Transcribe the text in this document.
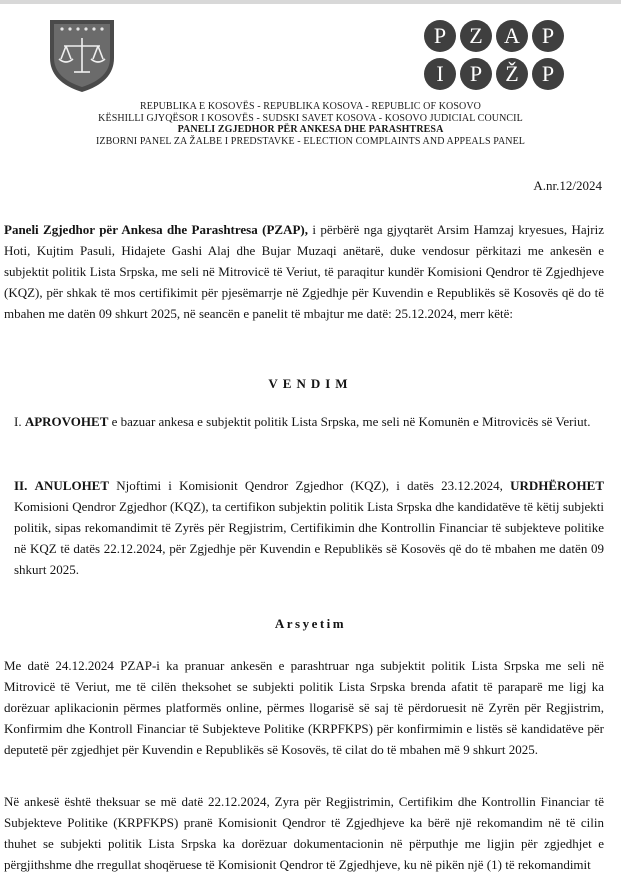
P	Z A P
I	P	Ž	P
REPUBLIKA E KOSOVËS - REPUBLIKA KOSOVA - REPUBLIC OF KOSOVO
KËSHILLI GJYQËSOR I KOSOVËS - SUDSKI SAVET KOSOVA - KOSOVO JUDICIAL COUNCIL
PANELI ZGJEDHOR PËR ANKESA DHE PARASHTRESA
IZBORNI PANEL ZA ŽALBE I PREDSTAVKE - ELECTION COMPLAINTS AND APPEALS PANEL
A.nr.12/2024
Paneli Zgjedhor për Ankesa dhe Parashtresa (PZAP), i përbërë nga gjyqtarët Arsim Hamzaj kryesues, Hajriz Hoti, Kujtim Pasuli, Hidajete Gashi Alaj dhe Bujar Muzaqi anëtarë, duke vendosur përkitazi me ankesën e subjektit politik Lista Srpska, me seli në Mitrovicë të Veriut, të paraqitur kundër Komisioni Qendror të Zgjedhjeve (KQZ), për shkak të mos certifikimit për pjesëmarrje në Zgjedhje për Kuvendin e Republikës së Kosovës që do të mbahen me datën 09 shkurt 2025, në seancën e panelit të mbajtur me datë: 25.12.2024, merr këtë:
VENDIM
I. APROVOHET e bazuar ankesa e subjektit politik Lista Srpska, me seli në Komunën e Mitrovicës së Veriut.
II. ANULOHET Njoftimi i Komisionit Qendror Zgjedhor (KQZ), i datës 23.12.2024, URDHËROHET Komisioni Qendror Zgjedhor (KQZ), ta certifikon subjektin politik Lista Srpska dhe kandidatëve të këtij subjekti politik, sipas rekomandimit të Zyrës për Regjistrim, Certifikimin dhe Kontrollin Financiar të subjekteve politike në KQZ të datës 22.12.2024, për Zgjedhje për Kuvendin e Republikës së Kosovës që do të mbahen me datën 09 shkurt 2025.
Arsyetim
Me datë 24.12.2024 PZAP-i ka pranuar ankesën e parashtruar nga subjektit politik Lista Srpska me seli në Mitrovicë të Veriut, me të cilën theksohet se subjekti politik Lista Srpska brenda afatit të paraparë me ligj ka dorëzuar aplikacionin përmes platformës online, përmes llogarisë së saj të përdoruesit në Zyrën për Regjistrim, Konfirmim dhe Kontroll Financiar të Subjekteve Politike (KRPFKPS) për konfirmimin e listës së kandidatëve për deputetë për zgjedhjet për Kuvendin e Republikës së Kosovës, të cilat do të mbahen më 9 shkurt 2025.
Në ankesë është theksuar se më datë 22.12.2024, Zyra për Regjistrimin, Certifikim dhe Kontrollin Financiar të Subjekteve Politike (KRPFKPS) pranë Komisionit Qendror të Zgjedhjeve ka bërë një rekomandim në të cilin thuhet se subjekti politik Lista Srpska ka dorëzuar dokumentacionin në përputhje me ligjin për zgjedhjet e përgjithshme dhe rregullat shoqëruese të Komisionit Qendror të Zgjedhjeve, ku në pikën një (1) të rekomandimit
